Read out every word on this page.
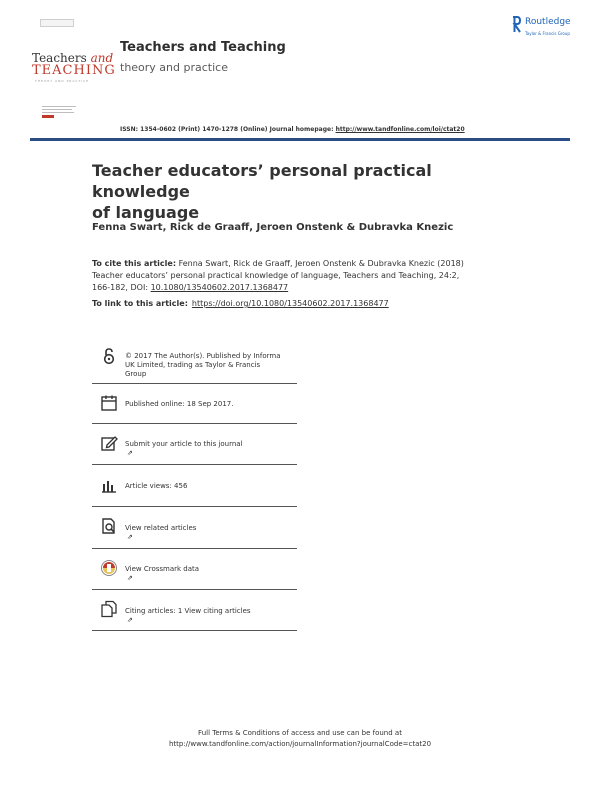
Teachers and
TEACHING
THEORY AND PRACTICE
Teachers and Teaching
theory and practice
Routledge
Taylor & Francis Group
ISSN: 1354-0602 (Print) 1470-1278 (Online) Journal homepage: http://www.tandfonline.com/loi/ctat20
Teacher educators’ personal practical knowledge
of language
Fenna Swart, Rick de Graaff, Jeroen Onstenk & Dubravka Knezic
To cite this article: Fenna Swart, Rick de Graaff, Jeroen Onstenk & Dubravka Knezic (2018)
Teacher educators’ personal practical knowledge of language, Teachers and Teaching, 24:2,
166-182, DOI: 10.1080/13540602.2017.1368477
To link to this article: https://doi.org/10.1080/13540602.2017.1368477
© 2017 The Author(s). Published by Informa
UK Limited, trading as Taylor & Francis
Group
Published online: 18 Sep 2017.
Submit your article to this journal
⇗
Article views: 456
View related articles
⇗
View Crossmark data
⇗
Citing articles: 1 View citing articles
⇗
Full Terms & Conditions of access and use can be found at
http://www.tandfonline.com/action/journalInformation?journalCode=ctat20
